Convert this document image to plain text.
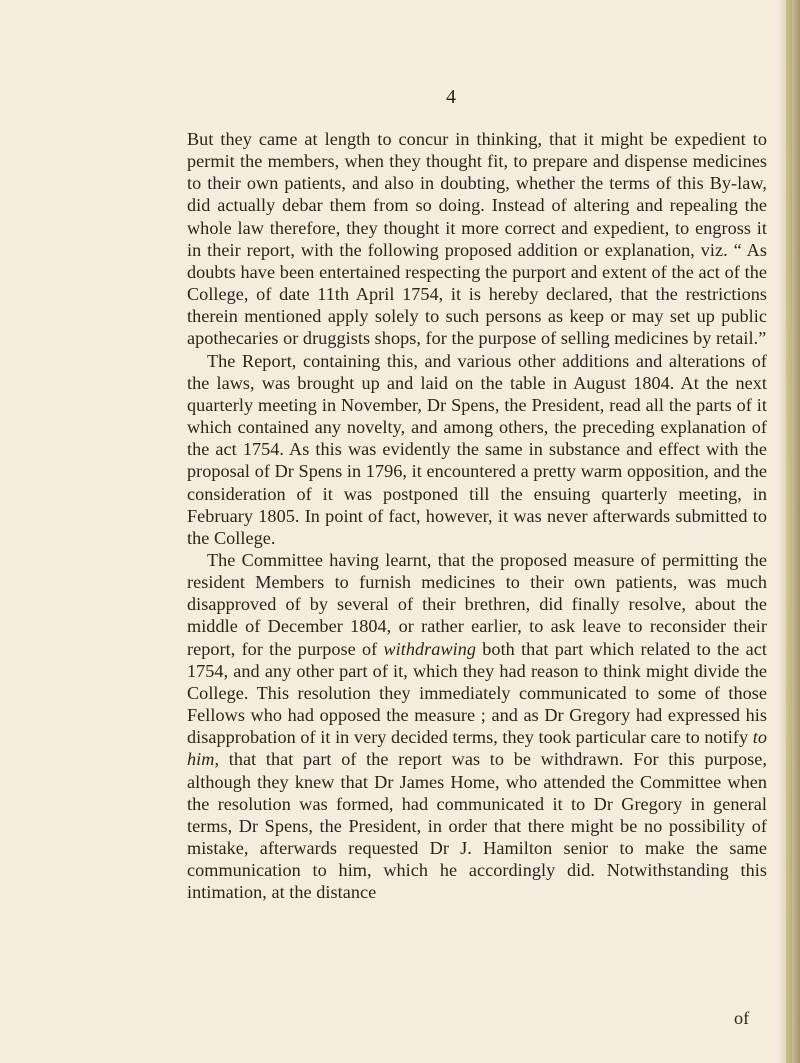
4

But they came at length to concur in thinking, that it might be expedient to permit the members, when they thought fit, to prepare and dispense medicines to their own patients, and also in doubting, whether the terms of this By-law, did actually debar them from so doing. Instead of altering and repealing the whole law therefore, they thought it more correct and expedient, to engross it in their report, with the following proposed addition or explanation, viz. “ As doubts have been entertained respecting the purport and extent of the act of the College, of date 11th April 1754, it is hereby declared, that the restrictions therein mentioned apply solely to such persons as keep or may set up public apothecaries or druggists shops, for the purpose of selling medicines by retail.”

The Report, containing this, and various other additions and alterations of the laws, was brought up and laid on the table in August 1804. At the next quarterly meeting in November, Dr Spens, the President, read all the parts of it which contained any novelty, and among others, the preceding explanation of the act 1754. As this was evidently the same in substance and effect with the proposal of Dr Spens in 1796, it encountered a pretty warm opposition, and the consideration of it was postponed till the ensuing quarterly meeting, in February 1805. In point of fact, however, it was never afterwards submitted to the College.

The Committee having learnt, that the proposed measure of permitting the resident Members to furnish medicines to their own patients, was much disapproved of by several of their brethren, did finally resolve, about the middle of December 1804, or rather earlier, to ask leave to reconsider their report, for the purpose of withdrawing both that part which related to the act 1754, and any other part of it, which they had reason to think might divide the College. This resolution they immediately communicated to some of those Fellows who had opposed the measure ; and as Dr Gregory had expressed his disapprobation of it in very decided terms, they took particular care to notify to him, that that part of the report was to be withdrawn. For this purpose, although they knew that Dr James Home, who attended the Committee when the resolution was formed, had communicated it to Dr Gregory in general terms, Dr Spens, the President, in order that there might be no possibility of mistake, afterwards requested Dr J. Hamilton senior to make the same communication to him, which he accordingly did. Notwithstanding this intimation, at the distance

of
